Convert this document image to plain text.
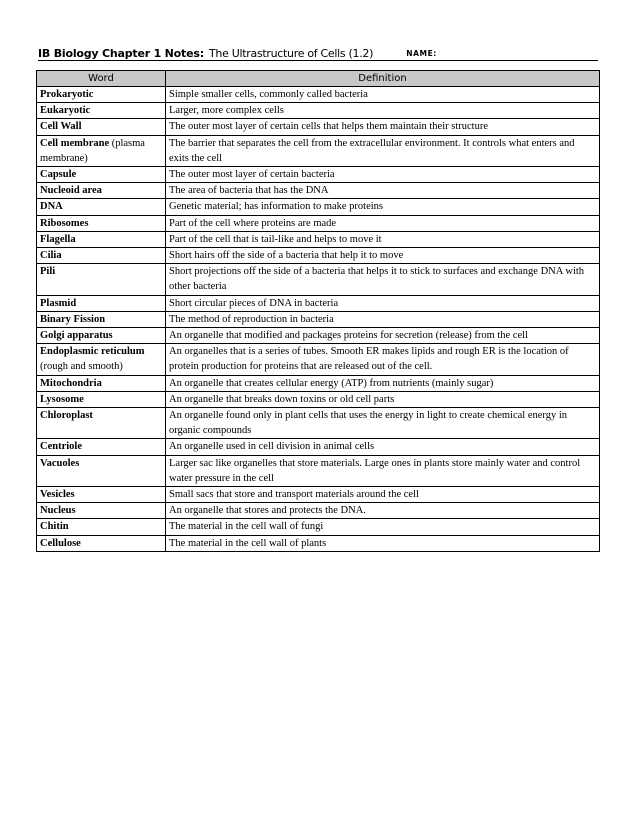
IB Biology Chapter 1 Notes: The Ultrastructure of Cells (1.2)	NAME:
Word	Definition
Prokaryotic	Simple smaller cells, commonly called bacteria
Eukaryotic	Larger, more complex cells
Cell Wall	The outer most layer of certain cells that helps them maintain their structure
Cell membrane (plasma membrane)	The barrier that separates the cell from the extracellular environment. It controls what enters and exits the cell
Capsule	The outer most layer of certain bacteria
Nucleoid area	The area of bacteria that has the DNA
DNA	Genetic material; has information to make proteins
Ribosomes	Part of the cell where proteins are made
Flagella	Part of the cell that is tail-like and helps to move it
Cilia	Short hairs off the side of a bacteria that help it to move
Pili	Short projections off the side of a bacteria that helps it to stick to surfaces and exchange DNA with other bacteria
Plasmid	Short circular pieces of DNA in bacteria
Binary Fission	The method of reproduction in bacteria
Golgi apparatus	An organelle that modified and packages proteins for secretion (release) from the cell
Endoplasmic reticulum (rough and smooth)	An organelles that is a series of tubes. Smooth ER makes lipids and rough ER is the location of protein production for proteins that are released out of the cell.
Mitochondria	An organelle that creates cellular energy (ATP) from nutrients (mainly sugar)
Lysosome	An organelle that breaks down toxins or old cell parts
Chloroplast	An organelle found only in plant cells that uses the energy in light to create chemical energy in organic compounds
Centriole	An organelle used in cell division in animal cells
Vacuoles	Larger sac like organelles that store materials. Large ones in plants store mainly water and control water pressure in the cell
Vesicles	Small sacs that store and transport materials around the cell
Nucleus	An organelle that stores and protects the DNA.
Chitin	The material in the cell wall of fungi
Cellulose	The material in the cell wall of plants
